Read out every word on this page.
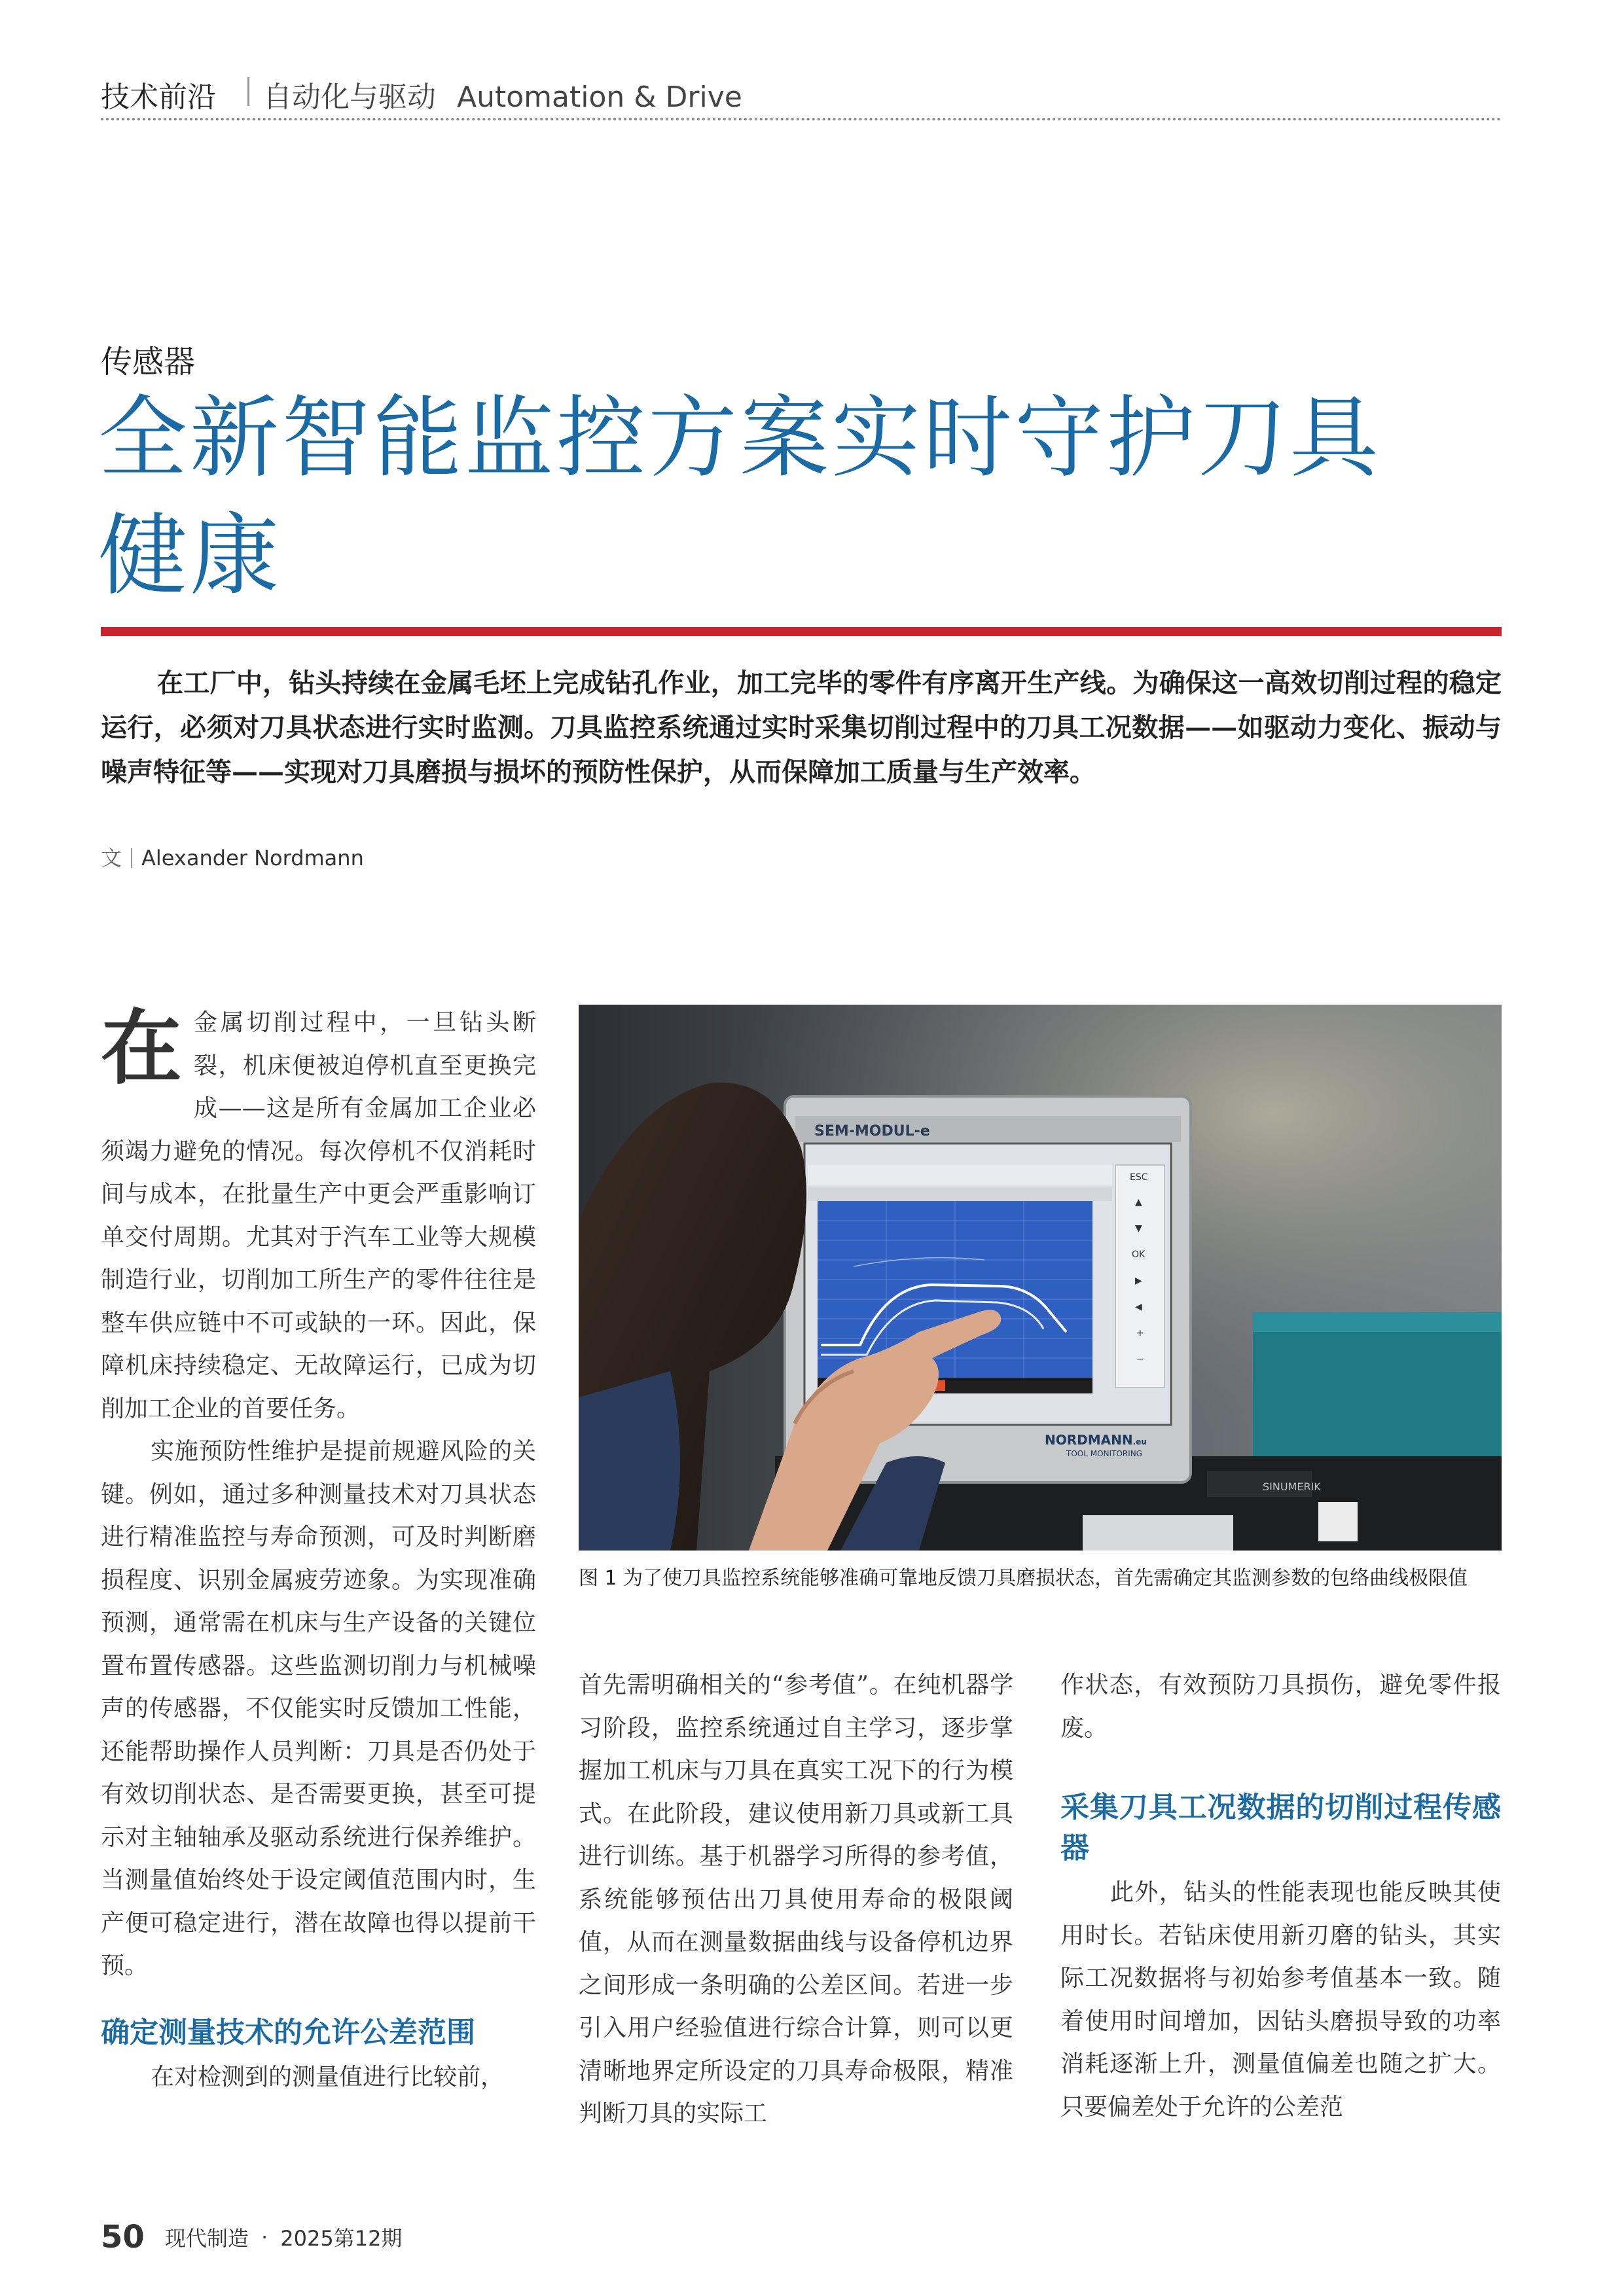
技术前沿 自动化与驱动 Automation & Drive
传感器
全新智能监控方案实时守护刀具
健康
在工厂中，钻头持续在金属毛坯上完成钻孔作业，加工完毕的零件有序离开生产线。为确保这一高效切削过程的稳定运行，必须对刀具状态进行实时监测。刀具监控系统通过实时采集切削过程中的刀具工况数据——如驱动力变化、振动与噪声特征等——实现对刀具磨损与损坏的预防性保护，从而保障加工质量与生产效率。
文 Alexander Nordmann

在金属切削过程中，一旦钻头断裂，机床便被迫停机直至更换完成——这是所有金属加工企业必须竭力避免的情况。每次停机不仅消耗时间与成本，在批量生产中更会严重影响订单交付周期。尤其对于汽车工业等大规模制造行业，切削加工所生产的零件往往是整车供应链中不可或缺的一环。因此，保障机床持续稳定、无故障运行，已成为切削加工企业的首要任务。

实施预防性维护是提前规避风险的关键。例如，通过多种测量技术对刀具状态进行精准监控与寿命预测，可及时判断磨损程度、识别金属疲劳迹象。为实现准确预测，通常需在机床与生产设备的关键位置布置传感器。这些监测切削力与机械噪声的传感器，不仅能实时反馈加工性能，还能帮助操作人员判断：刀具是否仍处于有效切削状态、是否需要更换，甚至可提示对主轴轴承及驱动系统进行保养维护。当测量值始终处于设定阈值范围内时，生产便可稳定进行，潜在故障也得以提前干预。

确定测量技术的允许公差范围

在对检测到的测量值进行比较前，

SINUMERIK
SEM-MODUL-e
ESC
▲
▼
OK
▶
◀
+
−
NORDMANN.eu
TOOL MONITORING
图 1 为了使刀具监控系统能够准确可靠地反馈刀具磨损状态，首先需确定其监测参数的包络曲线极限值

首先需明确相关的“参考值”。在纯机器学习阶段，监控系统通过自主学习，逐步掌握加工机床与刀具在真实工况下的行为模式。在此阶段，建议使用新刀具或新工具进行训练。基于机器学习所得的参考值，系统能够预估出刀具使用寿命的极限阈值，从而在测量数据曲线与设备停机边界之间形成一条明确的公差区间。若进一步引入用户经验值进行综合计算，则可以更清晰地界定所设定的刀具寿命极限，精准判断刀具的实际工

作状态，有效预防刀具损伤，避免零件报废。

采集刀具工况数据的切削过程传感器

此外，钻头的性能表现也能反映其使用时长。若钻床使用新刃磨的钻头，其实际工况数据将与初始参考值基本一致。随着使用时间增加，因钻头磨损导致的功率消耗逐渐上升，测量值偏差也随之扩大。只要偏差处于允许的公差范

50 现代制造 · 2025第12期
